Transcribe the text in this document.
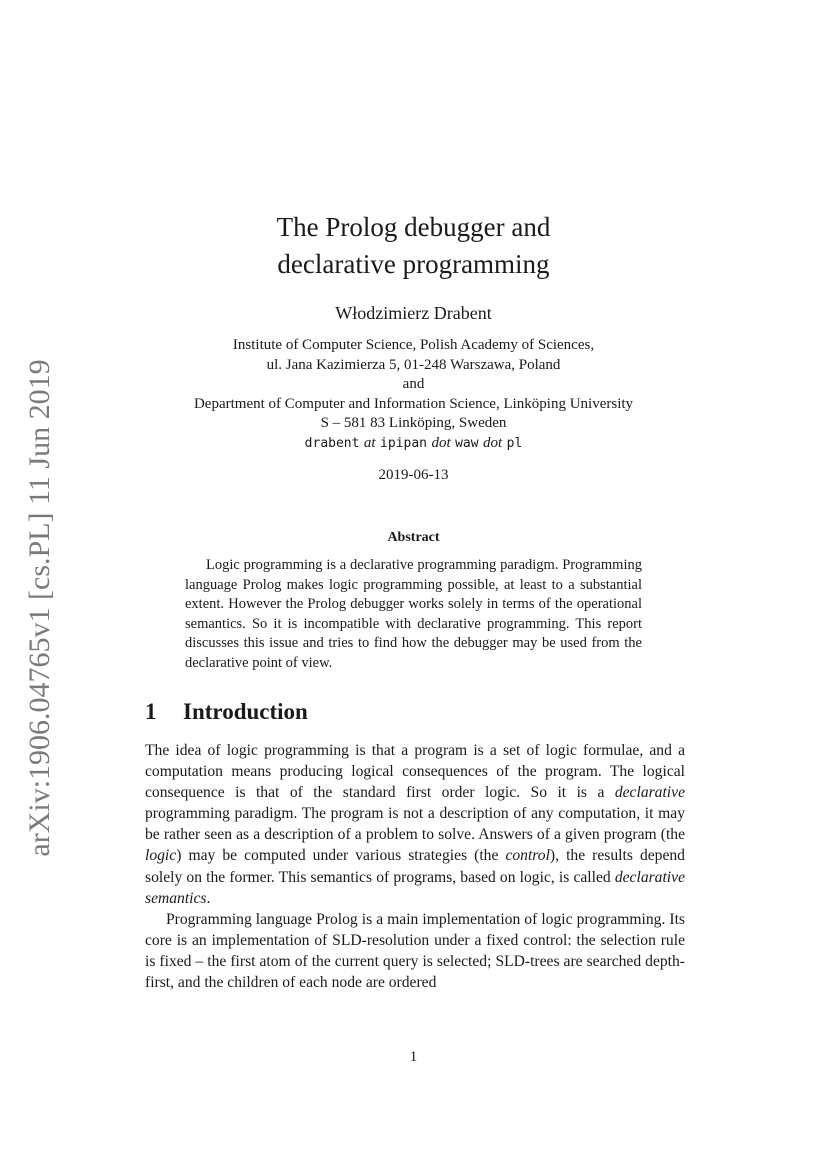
arXiv:1906.04765v1 [cs.PL] 11 Jun 2019
The Prolog debugger and
declarative programming
Włodzimierz Drabent
Institute of Computer Science, Polish Academy of Sciences,
ul. Jana Kazimierza 5, 01-248 Warszawa, Poland
and
Department of Computer and Information Science, Linköping University
S – 581 83 Linköping, Sweden
drabent at ipipan dot waw dot pl
2019-06-13
Abstract
Logic programming is a declarative programming paradigm. Programming language Prolog makes logic programming possible, at least to a substantial extent. However the Prolog debugger works solely in terms of the operational semantics. So it is incompatible with declarative programming. This report discusses this issue and tries to find how the debugger may be used from the declarative point of view.
1 Introduction

The idea of logic programming is that a program is a set of logic formulae, and a computation means producing logical consequences of the program. The logical consequence is that of the standard first order logic. So it is a declarative programming paradigm. The program is not a description of any computation, it may be rather seen as a description of a problem to solve. Answers of a given program (the logic) may be computed under various strategies (the control), the results depend solely on the former. This semantics of programs, based on logic, is called declarative semantics.

Programming language Prolog is a main implementation of logic programming. Its core is an implementation of SLD-resolution under a fixed control: the selection rule is fixed – the first atom of the current query is selected; SLD-trees are searched depth-first, and the children of each node are ordered

1
